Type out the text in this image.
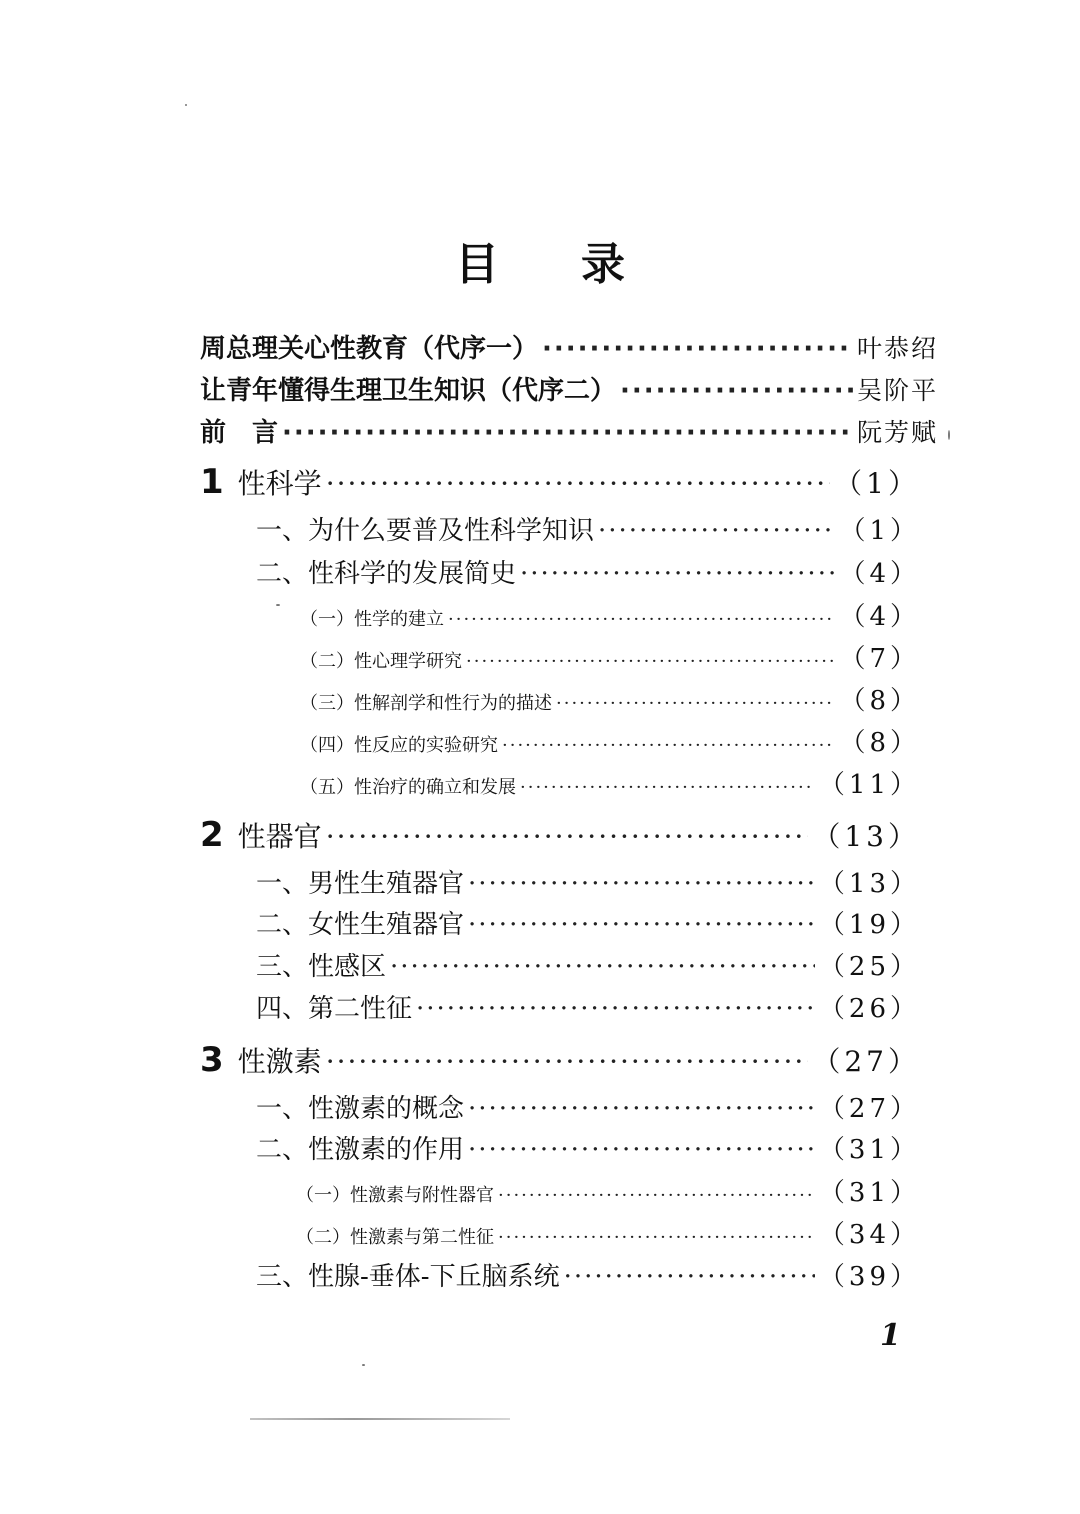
目 录
周总理关心性教育（代序一） ·····	叶恭绍
让青年懂得生理卫生知识（代序二） ·····	吴阶平
前　言 ·····	阮芳赋
1 性科学 ·····	（1）
一、为什么要普及性科学知识 ·····	（1）
二、性科学的发展简史 ·····	（4）
（一）性学的建立 ·····	（4）
（二）性心理学研究 ·····	（7）
（三）性解剖学和性行为的描述 ·····	（8）
（四）性反应的实验研究 ·····	（8）
（五）性治疗的确立和发展 ·····	（11）
2 性器官 ·····	（13）
一、男性生殖器官 ·····	（13）
二、女性生殖器官 ·····	（19）
三、性感区 ·····	（25）
四、第二性征 ·····	（26）
3 性激素 ·····	（27）
一、性激素的概念 ·····	（27）
二、性激素的作用 ·····	（31）
（一）性激素与附性器官 ·····	（31）
（二）性激素与第二性征 ·····	（34）
三、性腺-垂体-下丘脑系统 ·····	（39）
1
